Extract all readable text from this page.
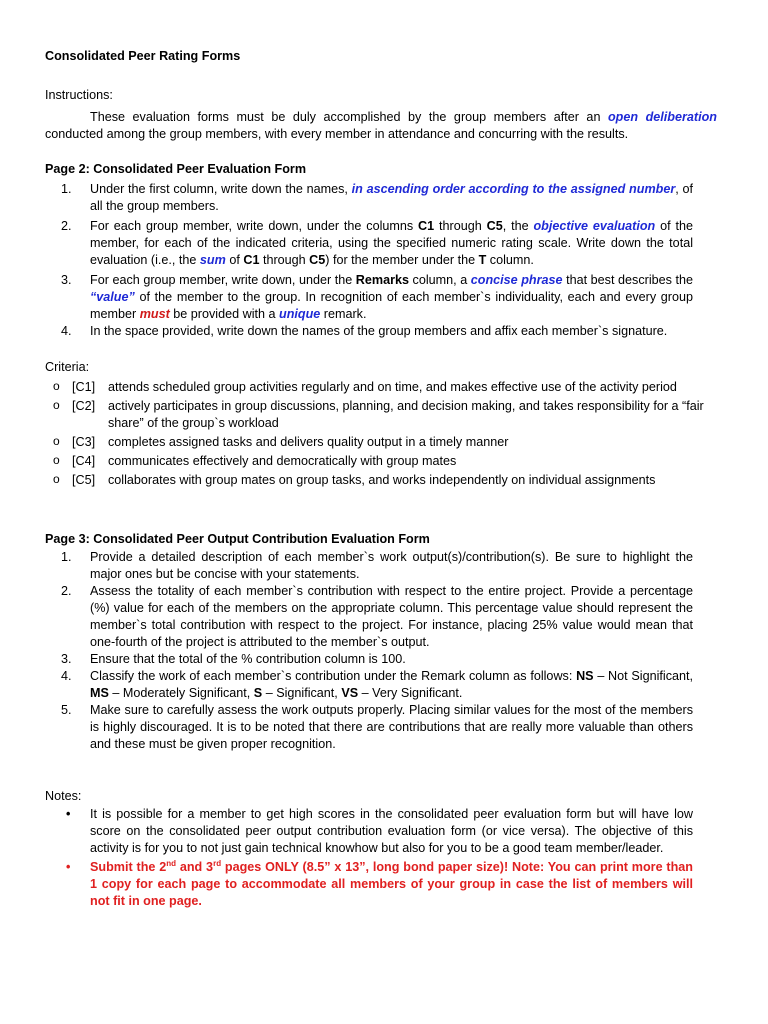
Consolidated Peer Rating Forms
Instructions:
These evaluation forms must be duly accomplished by the group members after an open deliberation conducted among the group members, with every member in attendance and concurring with the results.
Page 2: Consolidated Peer Evaluation Form
1. Under the first column, write down the names, in ascending order according to the assigned number, of all the group members.
2. For each group member, write down, under the columns C1 through C5, the objective evaluation of the member, for each of the indicated criteria, using the specified numeric rating scale. Write down the total evaluation (i.e., the sum of C1 through C5) for the member under the T column.
3. For each group member, write down, under the Remarks column, a concise phrase that best describes the “value” of the member to the group. In recognition of each member`s individuality, each and every group member must be provided with a unique remark.
4. In the space provided, write down the names of the group members and affix each member`s signature.
Criteria:
o [C1] attends scheduled group activities regularly and on time, and makes effective use of the activity period
o [C2] actively participates in group discussions, planning, and decision making, and takes responsibility for a “fair share” of the group`s workload
o [C3] completes assigned tasks and delivers quality output in a timely manner
o [C4] communicates effectively and democratically with group mates
o [C5] collaborates with group mates on group tasks, and works independently on individual assignments
Page 3: Consolidated Peer Output Contribution Evaluation Form
1. Provide a detailed description of each member`s work output(s)/contribution(s). Be sure to highlight the major ones but be concise with your statements.
2. Assess the totality of each member`s contribution with respect to the entire project. Provide a percentage (%) value for each of the members on the appropriate column. This percentage value should represent the member`s total contribution with respect to the project. For instance, placing 25% value would mean that one-fourth of the project is attributed to the member`s output.
3. Ensure that the total of the % contribution column is 100.
4. Classify the work of each member`s contribution under the Remark column as follows: NS – Not Significant, MS – Moderately Significant, S – Significant, VS – Very Significant.
5. Make sure to carefully assess the work outputs properly. Placing similar values for the most of the members is highly discouraged. It is to be noted that there are contributions that are really more valuable than others and these must be given proper recognition.
Notes:
• It is possible for a member to get high scores in the consolidated peer evaluation form but will have low score on the consolidated peer output contribution evaluation form (or vice versa). The objective of this activity is for you to not just gain technical knowhow but also for you to be a good team member/leader.
• Submit the 2nd and 3rd pages ONLY (8.5” x 13”, long bond paper size)! Note: You can print more than 1 copy for each page to accommodate all members of your group in case the list of members will not fit in one page.
